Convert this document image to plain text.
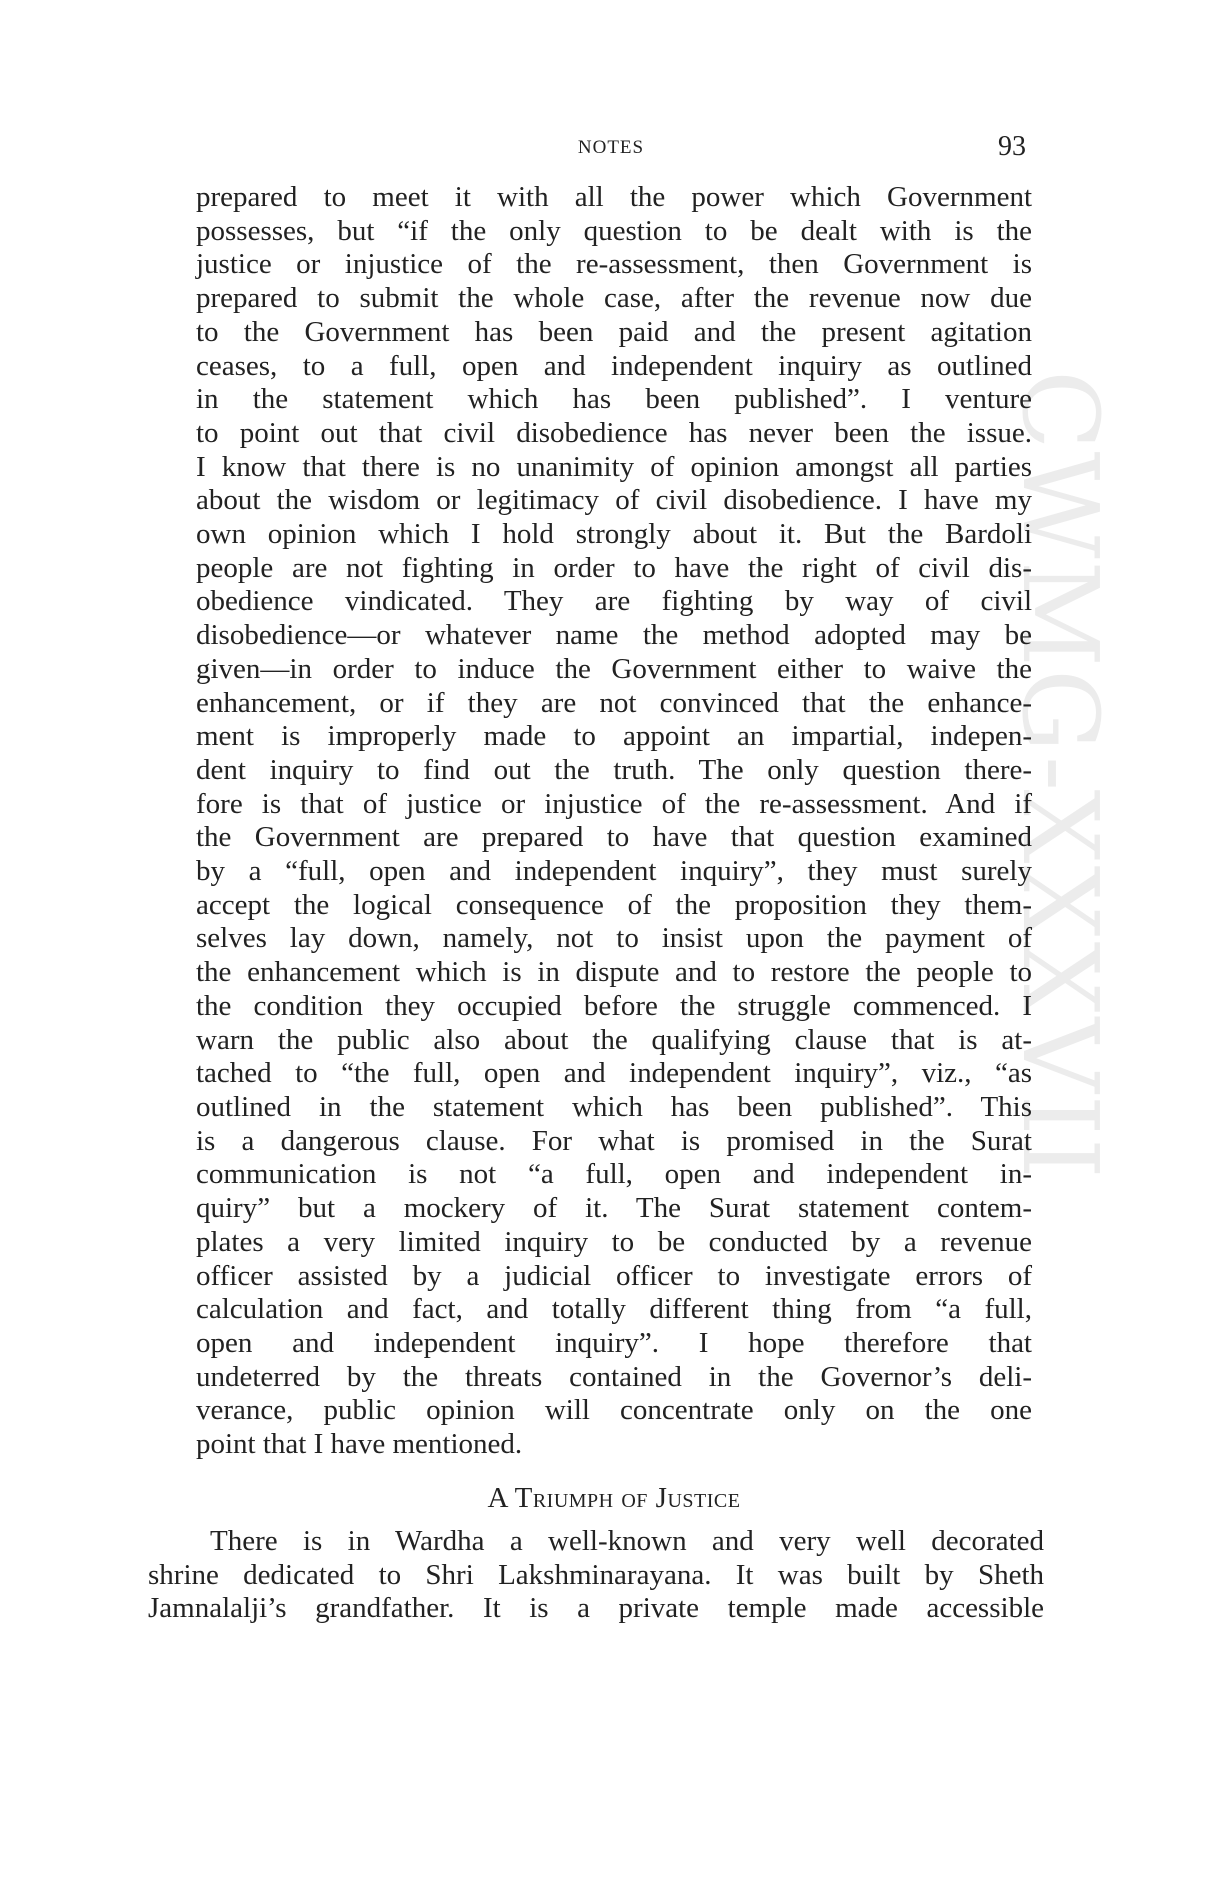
CWMG-XXXVII
NOTES	93
prepared to meet it with all the power which Government
possesses, but “if the only question to be dealt with is the
justice or injustice of the re-assessment, then Government is
prepared to submit the whole case, after the revenue now due
to the Government has been paid and the present agitation
ceases, to a full, open and independent inquiry as outlined
in the statement which has been published”. I venture
to point out that civil disobedience has never been the issue.
I know that there is no unanimity of opinion amongst all parties
about the wisdom or legitimacy of civil disobedience. I have my
own opinion which I hold strongly about it. But the Bardoli
people are not fighting in order to have the right of civil dis-
obedience vindicated. They are fighting by way of civil
disobedience—or whatever name the method adopted may be
given—in order to induce the Government either to waive the
enhancement, or if they are not convinced that the enhance-
ment is improperly made to appoint an impartial, indepen-
dent inquiry to find out the truth. The only question there-
fore is that of justice or injustice of the re-assessment. And if
the Government are prepared to have that question examined
by a “full, open and independent inquiry”, they must surely
accept the logical consequence of the proposition they them-
selves lay down, namely, not to insist upon the payment of
the enhancement which is in dispute and to restore the people to
the condition they occupied before the struggle commenced. I
warn the public also about the qualifying clause that is at-
tached to “the full, open and independent inquiry”, viz., “as
outlined in the statement which has been published”. This
is a dangerous clause. For what is promised in the Surat
communication is not “a full, open and independent in-
quiry” but a mockery of it. The Surat statement contem-
plates a very limited inquiry to be conducted by a revenue
officer assisted by a judicial officer to investigate errors of
calculation and fact, and totally different thing from “a full,
open and independent inquiry”. I hope therefore that
undeterred by the threats contained in the Governor’s deli-
verance, public opinion will concentrate only on the one
point that I have mentioned.
A Triumph of Justice
There is in Wardha a well-known and very well decorated
shrine dedicated to Shri Lakshminarayana. It was built by Sheth
Jamnalalji’s grandfather. It is a private temple made accessible
